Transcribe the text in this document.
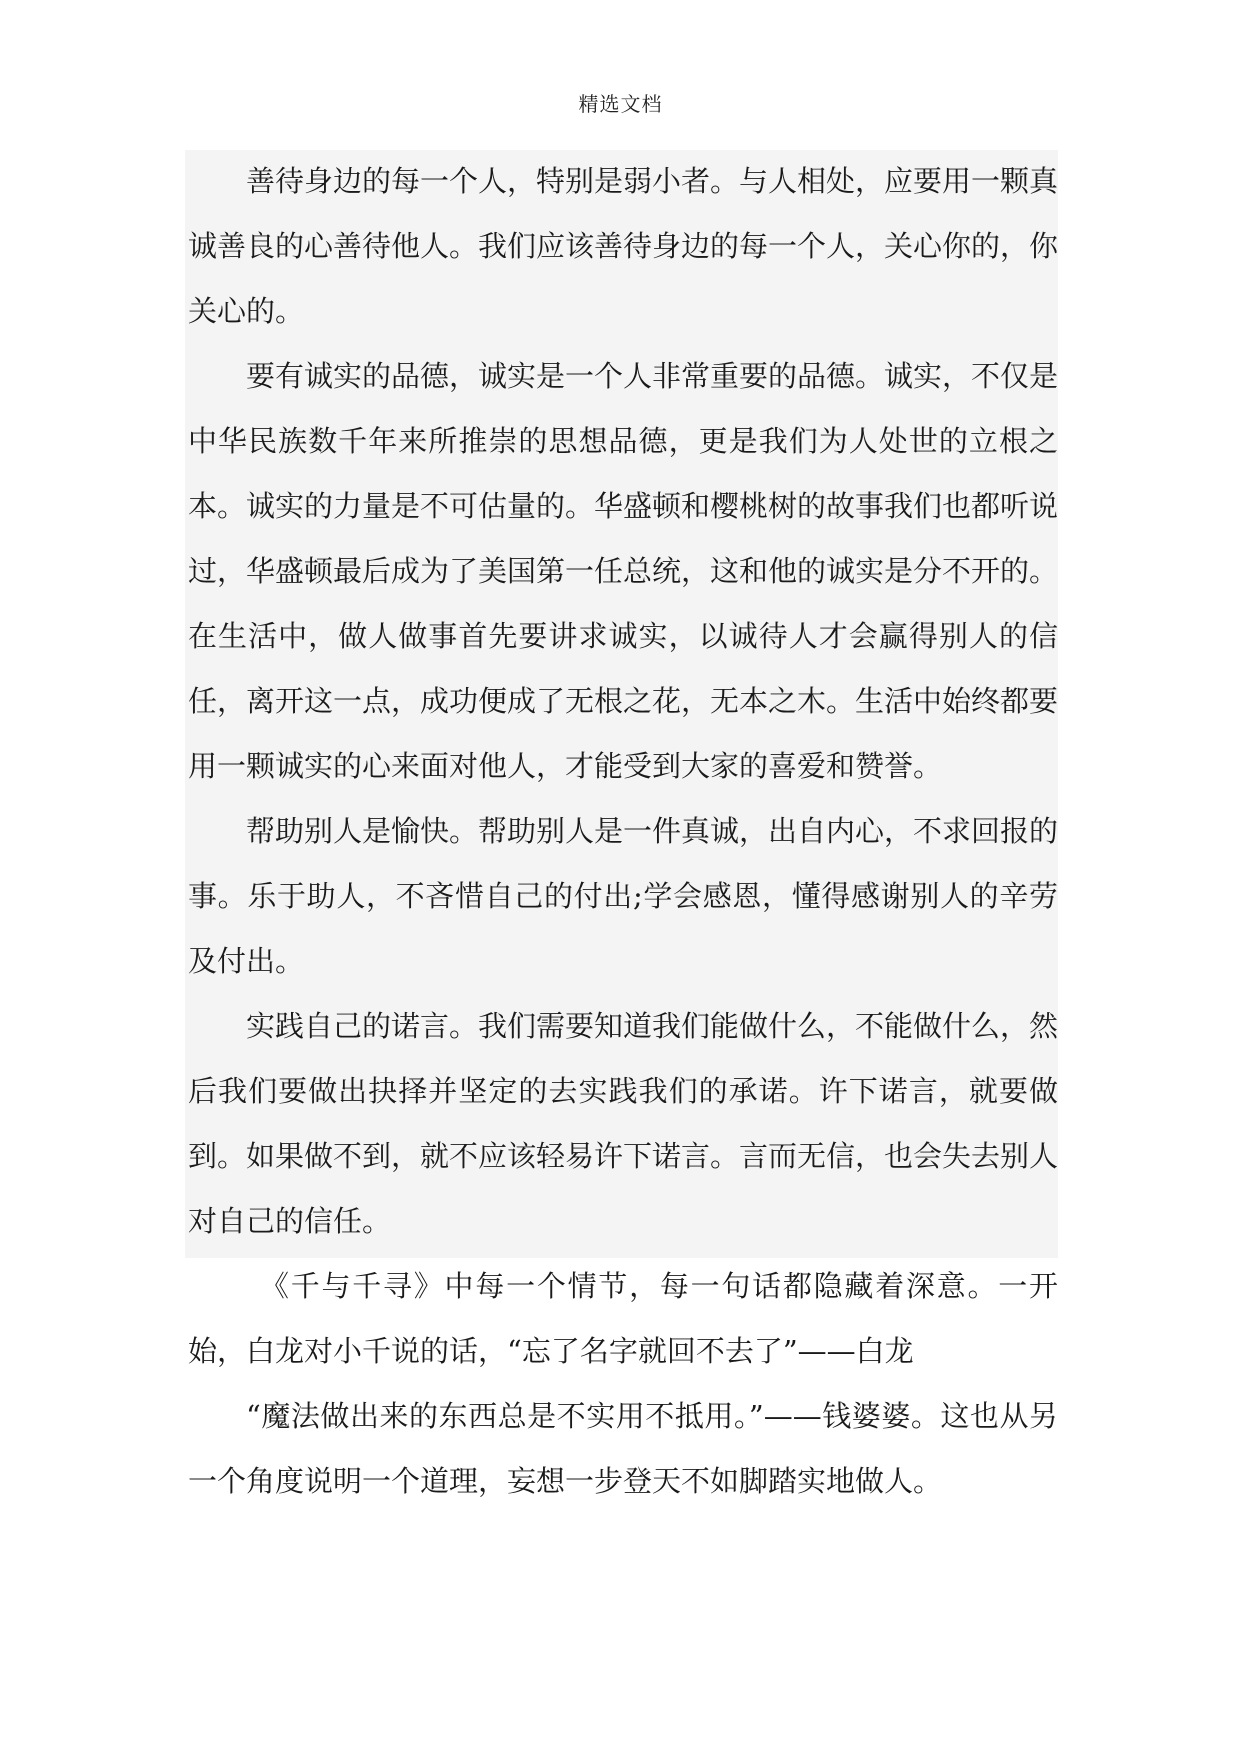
精选文档

善待身边的每一个人，特别是弱小者。与人相处，应要用一颗真诚善良的心善待他人。我们应该善待身边的每一个人，关心你的，你关心的。

要有诚实的品德，诚实是一个人非常重要的品德。诚实，不仅是中华民族数千年来所推崇的思想品德，更是我们为人处世的立根之本。诚实的力量是不可估量的。华盛顿和樱桃树的故事我们也都听说过，华盛顿最后成为了美国第一任总统，这和他的诚实是分不开的。在生活中，做人做事首先要讲求诚实，以诚待人才会赢得别人的信任，离开这一点，成功便成了无根之花，无本之木。生活中始终都要用一颗诚实的心来面对他人，才能受到大家的喜爱和赞誉。

帮助别人是愉快。帮助别人是一件真诚，出自内心，不求回报的事。乐于助人，不吝惜自己的付出;学会感恩，懂得感谢别人的辛劳及付出。

实践自己的诺言。我们需要知道我们能做什么，不能做什么，然后我们要做出抉择并坚定的去实践我们的承诺。许下诺言，就要做到。如果做不到，就不应该轻易许下诺言。言而无信，也会失去别人对自己的信任。

《千与千寻》中每一个情节，每一句话都隐藏着深意。一开始，白龙对小千说的话，“忘了名字就回不去了”——白龙

“魔法做出来的东西总是不实用不抵用。”——钱婆婆。这也从另一个角度说明一个道理，妄想一步登天不如脚踏实地做人。
